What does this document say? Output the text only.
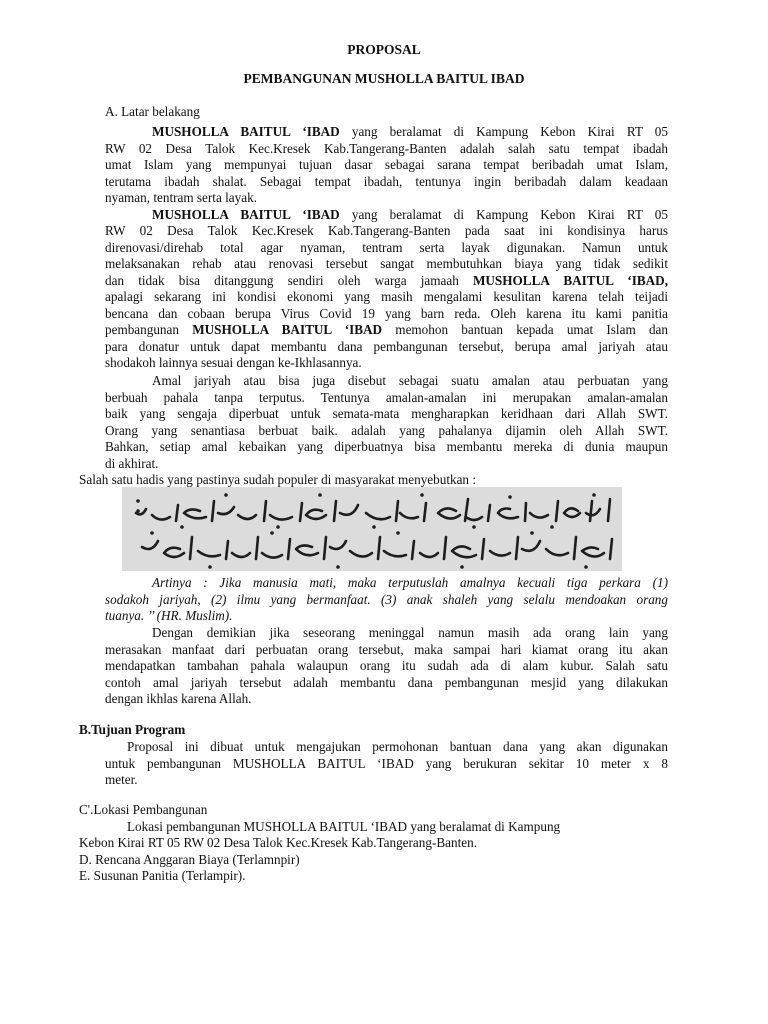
PROPOSAL
PEMBANGUNAN MUSHOLLA BAITUL IBAD
A. Latar belakang
MUSHOLLA BAITUL ‘IBAD yang beralamat di Kampung Kebon Kirai RT 05
RW 02 Desa Talok Kec.Kresek Kab.Tangerang-Banten adalah salah satu tempat ibadah
umat Islam yang mempunyai tujuan dasar sebagai sarana tempat beribadah umat Islam,
terutama ibadah shalat. Sebagai tempat ibadah, tentunya ingin beribadah dalam keadaan
nyaman, tentram serta layak.
MUSHOLLA BAITUL ‘IBAD yang beralamat di Kampung Kebon Kirai RT 05
RW 02 Desa Talok Kec.Kresek Kab.Tangerang-Banten pada saat ini kondisinya harus
direnovasi/direhab total agar nyaman, tentram serta layak digunakan. Namun untuk
melaksanakan rehab atau renovasi tersebut sangat membutuhkan biaya yang tidak sedikit
dan tidak bisa ditanggung sendiri oleh warga jamaah MUSHOLLA BAITUL ‘IBAD,
apalagi sekarang ini kondisi ekonomi yang masih mengalami kesulitan karena telah teijadi
bencana dan cobaan berupa Virus Covid 19 yang barn reda. Oleh karena itu kami panitia
pembangunan MUSHOLLA BAITUL ‘IBAD memohon bantuan kepada umat Islam dan
para donatur untuk dapat membantu dana pembangunan tersebut, berupa amal jariyah atau
shodakoh lainnya sesuai dengan ke-Ikhlasannya.
Amal jariyah atau bisa juga disebut sebagai suatu amalan atau perbuatan yang
berbuah pahala tanpa terputus. Tentunya amalan-amalan ini merupakan amalan-amalan
baik yang sengaja diperbuat untuk semata-mata mengharapkan keridhaan dari Allah SWT.
Orang yang senantiasa berbuat baik. adalah yang pahalanya dijamin oleh Allah SWT.
Bahkan, setiap amal kebaikan yang diperbuatnya bisa membantu mereka di dunia maupun
di akhirat.
Salah satu hadis yang pastinya sudah populer di masyarakat menyebutkan :
Artinya : Jika manusia mati, maka terputuslah amalnya kecuali tiga perkara (1)
sodakoh jariyah, (2) ilmu yang bermanfaat. (3) anak shaleh yang selalu mendoakan orang
tuanya. ’’ (HR. Muslim).
Dengan demikian jika seseorang meninggal namun masih ada orang lain yang
merasakan manfaat dari perbuatan orang tersebut, maka sampai hari kiamat orang itu akan
mendapatkan tambahan pahala walaupun orang itu sudah ada di alam kubur. Salah satu
contoh amal jariyah tersebut adalah membantu dana pembangunan mesjid yang dilakukan
dengan ikhlas karena Allah.
B.Tujuan Program
Proposal ini dibuat untuk mengajukan permohonan bantuan dana yang akan digunakan
untuk pembangunan MUSHOLLA BAITUL ‘IBAD yang berukuran sekitar 10 meter x 8
meter.
C'.Lokasi Pembangunan
Lokasi pembangunan MUSHOLLA BAITUL ‘IBAD yang beralamat di Kampung
Kebon Kirai RT 05 RW 02 Desa Talok Kec.Kresek Kab.Tangerang-Banten.
D. Rencana Anggaran Biaya (Terlamnpir)
E. Susunan Panitia (Terlampir).
